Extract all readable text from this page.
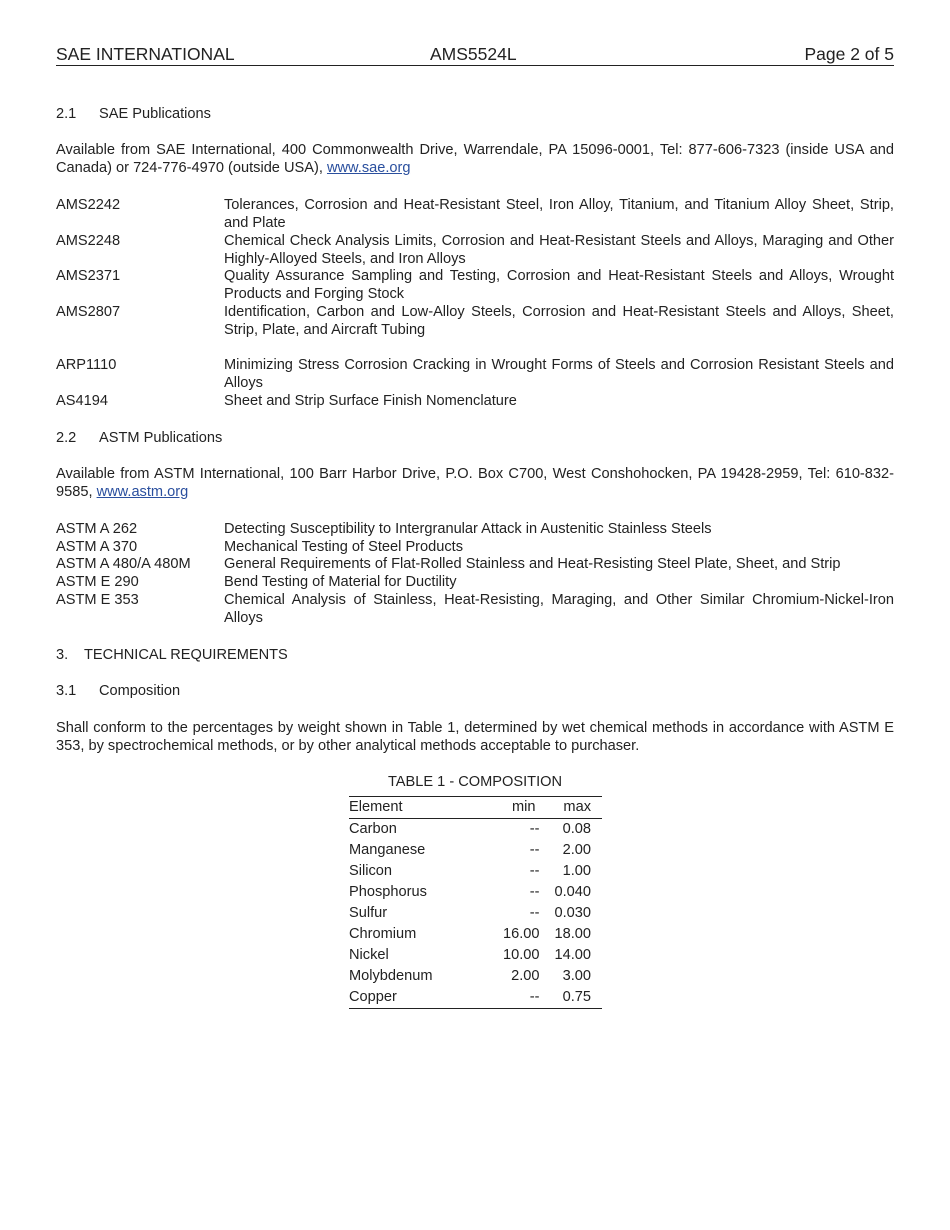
SAE INTERNATIONAL	AMS5524L	Page 2 of 5
2.1 SAE Publications
Available from SAE International, 400 Commonwealth Drive, Warrendale, PA 15096-0001, Tel: 877-606-7323 (inside USA and Canada) or 724-776-4970 (outside USA), www.sae.org
AMS2242	Tolerances, Corrosion and Heat-Resistant Steel, Iron Alloy, Titanium, and Titanium Alloy Sheet, Strip, and Plate
AMS2248	Chemical Check Analysis Limits, Corrosion and Heat-Resistant Steels and Alloys, Maraging and Other Highly-Alloyed Steels, and Iron Alloys
AMS2371	Quality Assurance Sampling and Testing, Corrosion and Heat-Resistant Steels and Alloys, Wrought Products and Forging Stock
AMS2807	Identification, Carbon and Low-Alloy Steels, Corrosion and Heat-Resistant Steels and Alloys, Sheet, Strip, Plate, and Aircraft Tubing
ARP1110	Minimizing Stress Corrosion Cracking in Wrought Forms of Steels and Corrosion Resistant Steels and Alloys
AS4194	Sheet and Strip Surface Finish Nomenclature
2.2 ASTM Publications
Available from ASTM International, 100 Barr Harbor Drive, P.O. Box C700, West Conshohocken, PA 19428-2959, Tel: 610-832-9585, www.astm.org
ASTM A 262	Detecting Susceptibility to Intergranular Attack in Austenitic Stainless Steels
ASTM A 370	Mechanical Testing of Steel Products
ASTM A 480/A 480M	General Requirements of Flat-Rolled Stainless and Heat-Resisting Steel Plate, Sheet, and Strip
ASTM E 290	Bend Testing of Material for Ductility
ASTM E 353	Chemical Analysis of Stainless, Heat-Resisting, Maraging, and Other Similar Chromium-Nickel-Iron Alloys
3. TECHNICAL REQUIREMENTS
3.1 Composition
Shall conform to the percentages by weight shown in Table 1, determined by wet chemical methods in accordance with ASTM E 353, by spectrochemical methods, or by other analytical methods acceptable to purchaser.
TABLE 1 - COMPOSITION
Element	min	max
Carbon	--	0.08
Manganese	--	2.00
Silicon	--	1.00
Phosphorus	--	0.040
Sulfur	--	0.030
Chromium	16.00	18.00
Nickel	10.00	14.00
Molybdenum	2.00	3.00
Copper	--	0.75
